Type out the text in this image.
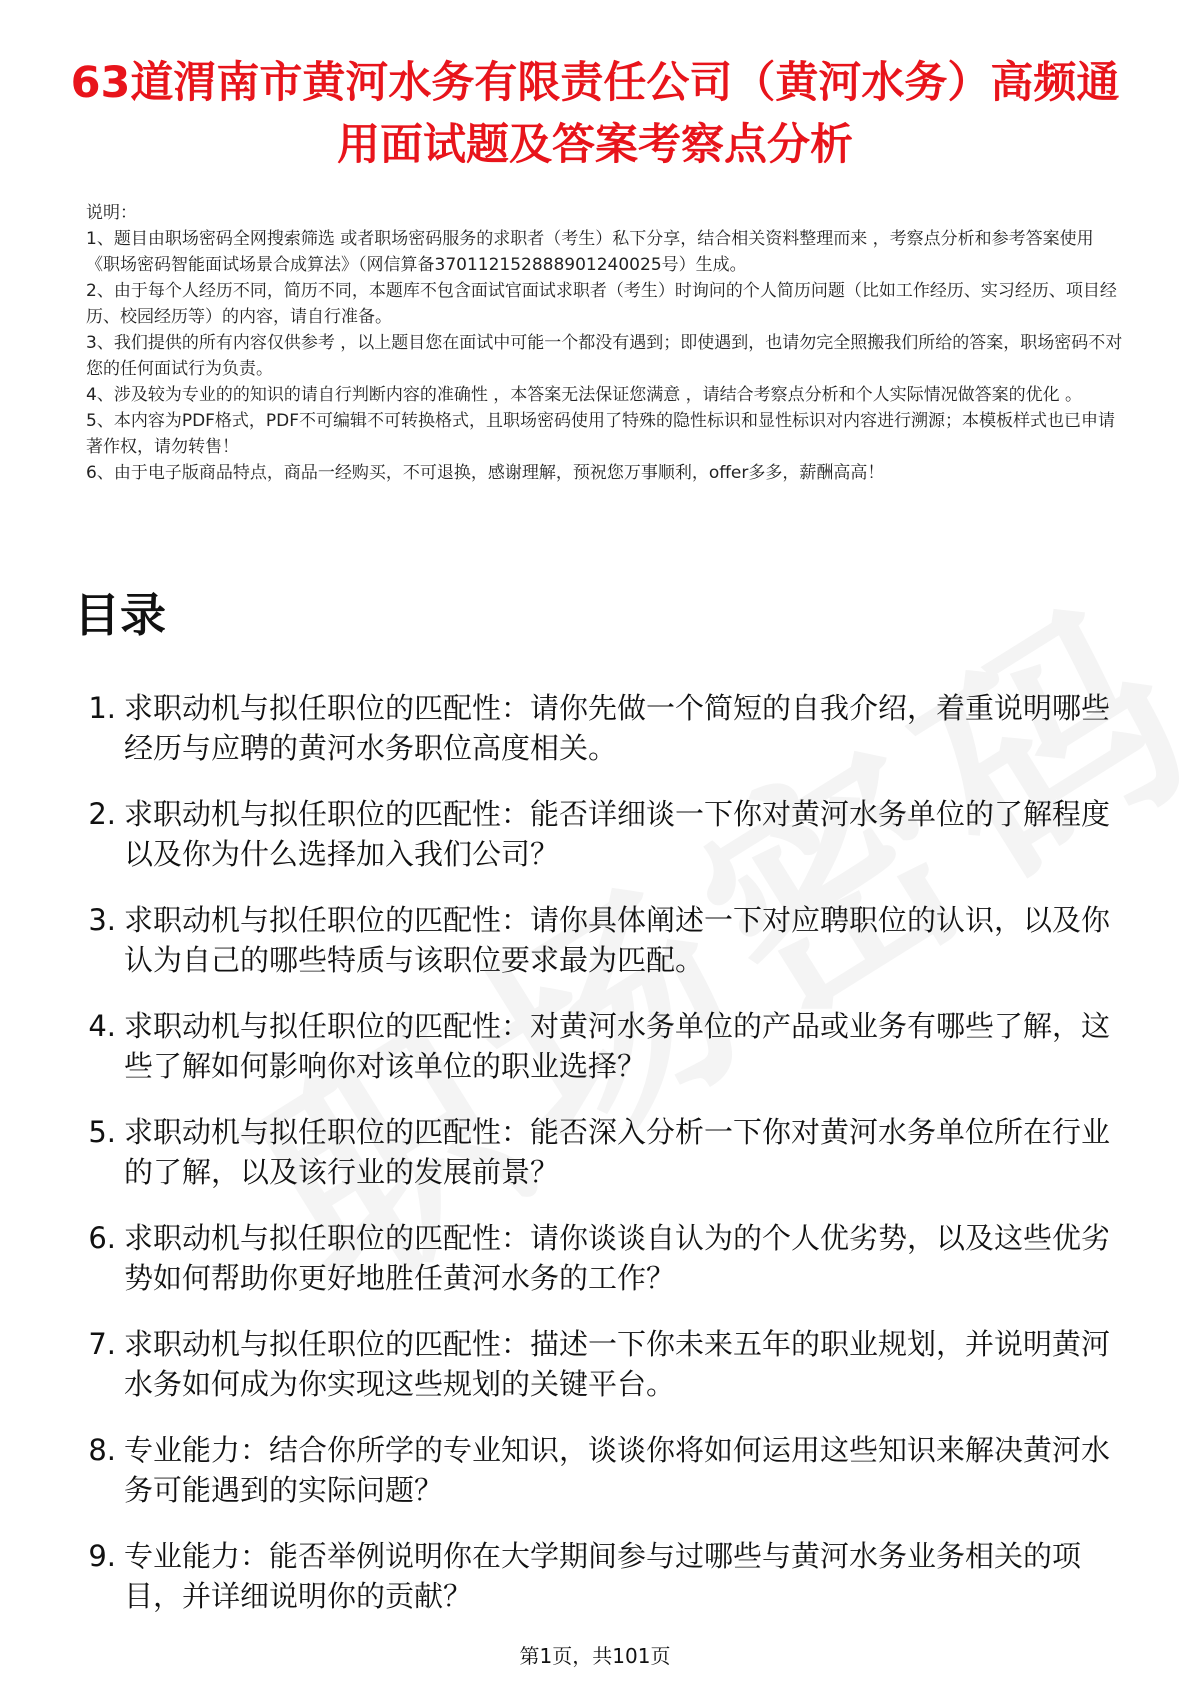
63道渭南市黄河水务有限责任公司（黄河水务）高频通用面试题及答案考察点分析

说明：

1、题目由职场密码全网搜索筛选 或者职场密码服务的求职者（考生）私下分享，结合相关资料整理而来 ，考察点分析和参考答案使用《职场密码智能面试场景合成算法》（网信算备370112152888901240025号）生成。

2、由于每个人经历不同，简历不同，本题库不包含面试官面试求职者（考生）时询问的个人简历问题（比如工作经历、实习经历、项目经历、校园经历等）的内容，请自行准备。

3、我们提供的所有内容仅供参考 ，以上题目您在面试中可能一个都没有遇到；即使遇到，也请勿完全照搬我们所给的答案，职场密码不对您的任何面试行为负责。

4、涉及较为专业的的知识的请自行判断内容的准确性 ，本答案无法保证您满意 ，请结合考察点分析和个人实际情况做答案的优化 。

5、本内容为PDF格式，PDF不可编辑不可转换格式，且职场密码使用了特殊的隐性标识和显性标识对内容进行溯源；本模板样式也已申请著作权，请勿转售！

6、由于电子版商品特点，商品一经购买，不可退换，感谢理解，预祝您万事顺利，offer多多，薪酬高高！

目录
1. 求职动机与拟任职位的匹配性：请你先做一个简短的自我介绍，着重说明哪些经历与应聘的黄河水务职位高度相关。
2. 求职动机与拟任职位的匹配性：能否详细谈一下你对黄河水务单位的了解程度以及你为什么选择加入我们公司？
3. 求职动机与拟任职位的匹配性：请你具体阐述一下对应聘职位的认识，以及你认为自己的哪些特质与该职位要求最为匹配。
4. 求职动机与拟任职位的匹配性：对黄河水务单位的产品或业务有哪些了解，这些了解如何影响你对该单位的职业选择？
5. 求职动机与拟任职位的匹配性：能否深入分析一下你对黄河水务单位所在行业的了解，以及该行业的发展前景？
6. 求职动机与拟任职位的匹配性：请你谈谈自认为的个人优劣势，以及这些优劣势如何帮助你更好地胜任黄河水务的工作？
7. 求职动机与拟任职位的匹配性：描述一下你未来五年的职业规划，并说明黄河水务如何成为你实现这些规划的关键平台。
8. 专业能力：结合你所学的专业知识，谈谈你将如何运用这些知识来解决黄河水务可能遇到的实际问题？
9. 专业能力：能否举例说明你在大学期间参与过哪些与黄河水务业务相关的项目，并详细说明你的贡献？
第1页，共101页
